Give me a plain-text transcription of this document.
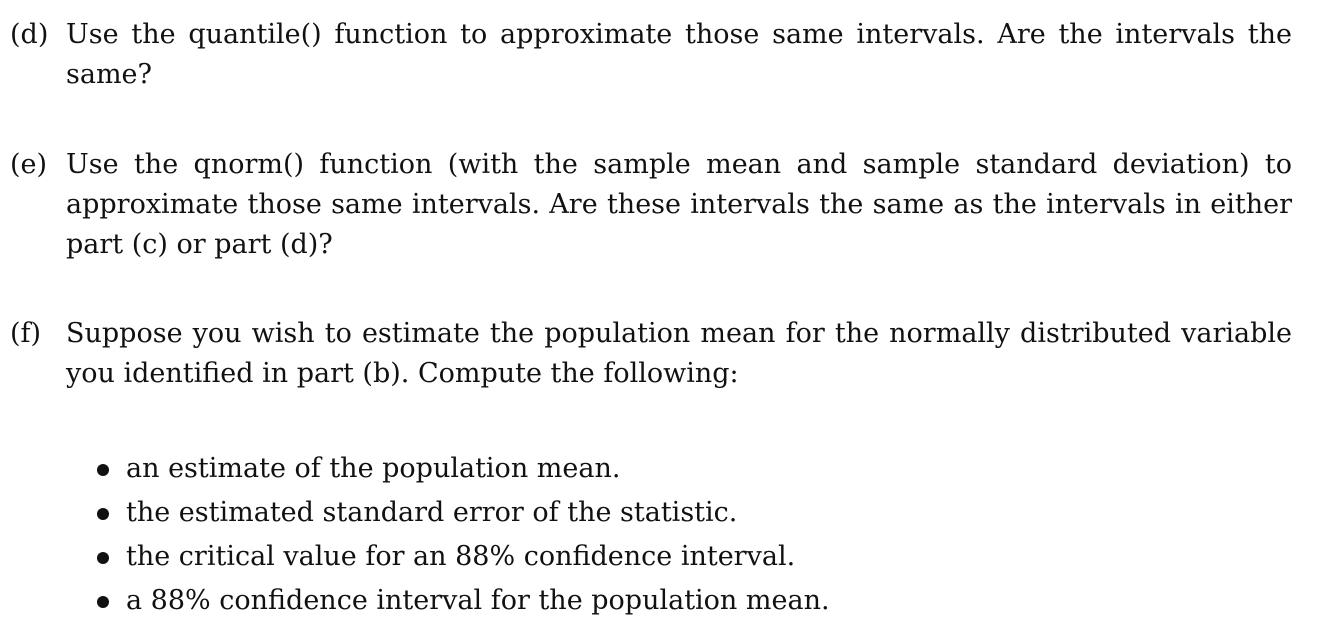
(d) Use the quantile() function to approximate those same intervals. Are the intervals the
same?
(e) Use the qnorm() function (with the sample mean and sample standard deviation) to
approximate those same intervals. Are these intervals the same as the intervals in either
part (c) or part (d)?
(f) Suppose you wish to estimate the population mean for the normally distributed variable
you identified in part (b). Compute the following:
an estimate of the population mean.
the estimated standard error of the statistic.
the critical value for an 88% confidence interval.
a 88% confidence interval for the population mean.
